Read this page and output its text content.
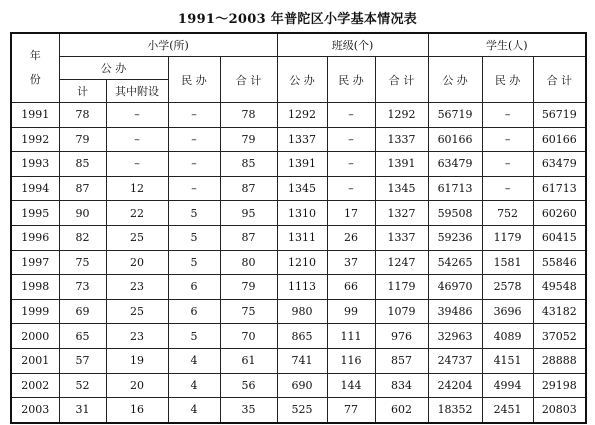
1991～2003 年普陀区小学基本情况表
年份	小学(所)				班级(个)			学生(人)		
	公 办		民 办	合 计	公 办	民 办	合 计	公 办	民 办	合 计
	计	其中附设								
1991	78	–	–	78	1292	–	1292	56719	–	56719
1992	79	–	–	79	1337	–	1337	60166	–	60166
1993	85	–	–	85	1391	–	1391	63479	–	63479
1994	87	12	–	87	1345	–	1345	61713	–	61713
1995	90	22	5	95	1310	17	1327	59508	752	60260
1996	82	25	5	87	1311	26	1337	59236	1179	60415
1997	75	20	5	80	1210	37	1247	54265	1581	55846
1998	73	23	6	79	1113	66	1179	46970	2578	49548
1999	69	25	6	75	980	99	1079	39486	3696	43182
2000	65	23	5	70	865	111	976	32963	4089	37052
2001	57	19	4	61	741	116	857	24737	4151	28888
2002	52	20	4	56	690	144	834	24204	4994	29198
2003	31	16	4	35	525	77	602	18352	2451	20803
